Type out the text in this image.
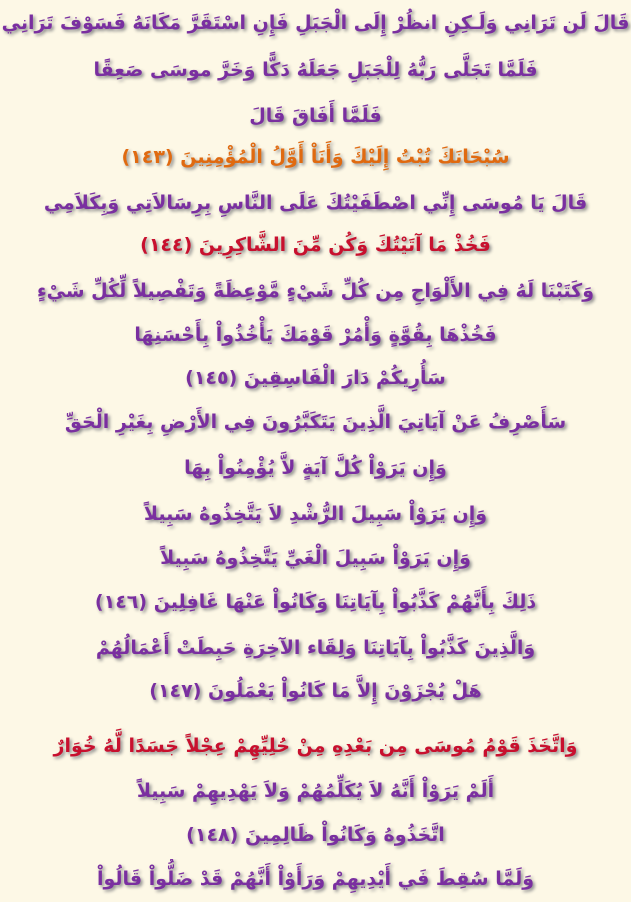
قَالَ لَن تَرَانِي وَلَـكِنِ انظُرْ إِلَى الْجَبَلِ فَإِنِ اسْتَقَرَّ مَكَانَهُ فَسَوْفَ تَرَانِي
فَلَمَّا تَجَلَّى رَبُّهُ لِلْجَبَلِ جَعَلَهُ دَكًّا وَخَرَّ موسَى صَعِقًا
فَلَمَّا أَفَاقَ قَالَ
سُبْحَانَكَ تُبْتُ إِلَيْكَ وَأَنَاْ أَوَّلُ الْمُؤْمِنِينَ (١٤٣)
قَالَ يَا مُوسَى إِنِّي اصْطَفَيْتُكَ عَلَى النَّاسِ بِرِسَالاَتِي وَبِكَلاَمِي
فَخُذْ مَا آتَيْتُكَ وَكُن مِّنَ الشَّاكِرِينَ (١٤٤)
وَكَتَبْنَا لَهُ فِي الأَلْوَاحِ مِن كُلِّ شَيْءٍ مَّوْعِظَةً وَتَفْصِيلاً لِّكُلِّ شَيْءٍ
فَخُذْهَا بِقُوَّةٍ وَأْمُرْ قَوْمَكَ يَأْخُذُواْ بِأَحْسَنِهَا
سَأُرِيكُمْ دَارَ الْفَاسِقِينَ (١٤٥)
سَأَصْرِفُ عَنْ آيَاتِيَ الَّذِينَ يَتَكَبَّرُونَ فِي الأَرْضِ بِغَيْرِ الْحَقِّ
وَإِن يَرَوْاْ كُلَّ آيَةٍ لاَّ يُؤْمِنُواْ بِهَا
وَإِن يَرَوْاْ سَبِيلَ الرُّشْدِ لاَ يَتَّخِذُوهُ سَبِيلاً
وَإِن يَرَوْاْ سَبِيلَ الْغَيِّ يَتَّخِذُوهُ سَبِيلاً
ذَلِكَ بِأَنَّهُمْ كَذَّبُواْ بِآيَاتِنَا وَكَانُواْ عَنْهَا غَافِلِينَ (١٤٦)
وَالَّذِينَ كَذَّبُواْ بِآيَاتِنَا وَلِقَاء الآخِرَةِ حَبِطَتْ أَعْمَالُهُمْ
هَلْ يُجْزَوْنَ إِلاَّ مَا كَانُواْ يَعْمَلُونَ (١٤٧)
وَاتَّخَذَ قَوْمُ مُوسَى مِن بَعْدِهِ مِنْ حُلِيِّهِمْ عِجْلاً جَسَدًا لَّهُ خُوَارٌ
أَلَمْ يَرَوْاْ أَنَّهُ لاَ يُكَلِّمُهُمْ وَلاَ يَهْدِيهِمْ سَبِيلاً
اتَّخَذُوهُ وَكَانُواْ ظَالِمِينَ (١٤٨)
وَلَمَّا سُقِطَ فَي أَيْدِيهِمْ وَرَأَوْاْ أَنَّهُمْ قَدْ ضَلُّواْ قَالُواْ
